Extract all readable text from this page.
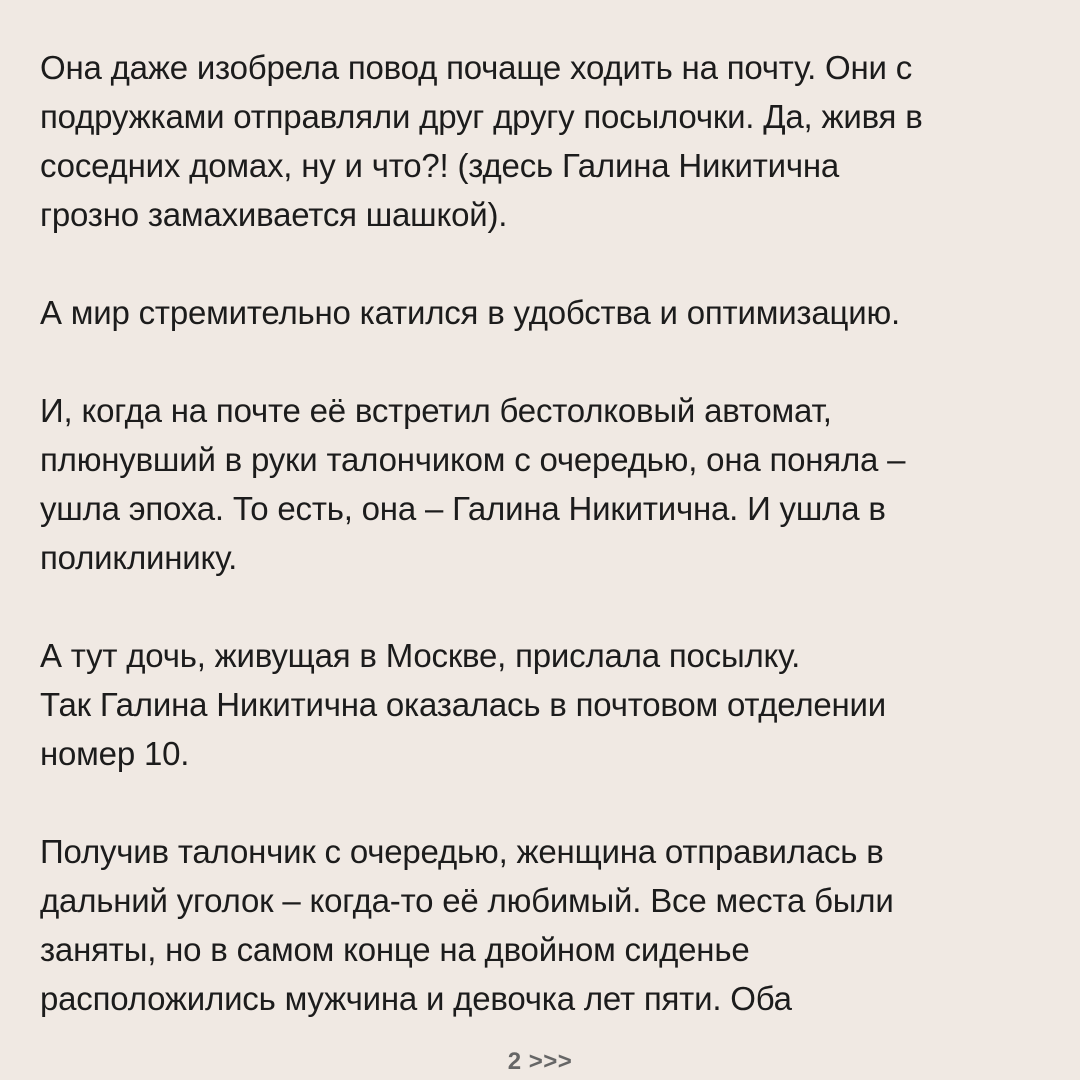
Она даже изобрела повод почаще ходить на почту. Они с
подружками отправляли друг другу посылочки. Да, живя в
соседних домах, ну и что?! (здесь Галина Никитична
грозно замахивается шашкой).
А мир стремительно катился в удобства и оптимизацию.
И, когда на почте её встретил бестолковый автомат,
плюнувший в руки талончиком с очередью, она поняла –
ушла эпоха. То есть, она – Галина Никитична. И ушла в
поликлинику.
А тут дочь, живущая в Москве, прислала посылку.
Так Галина Никитична оказалась в почтовом отделении
номер 10.
Получив талончик с очередью, женщина отправилась в
дальний уголок – когда-то её любимый. Все места были
заняты, но в самом конце на двойном сиденье
расположились мужчина и девочка лет пяти. Оба
2 >>>
